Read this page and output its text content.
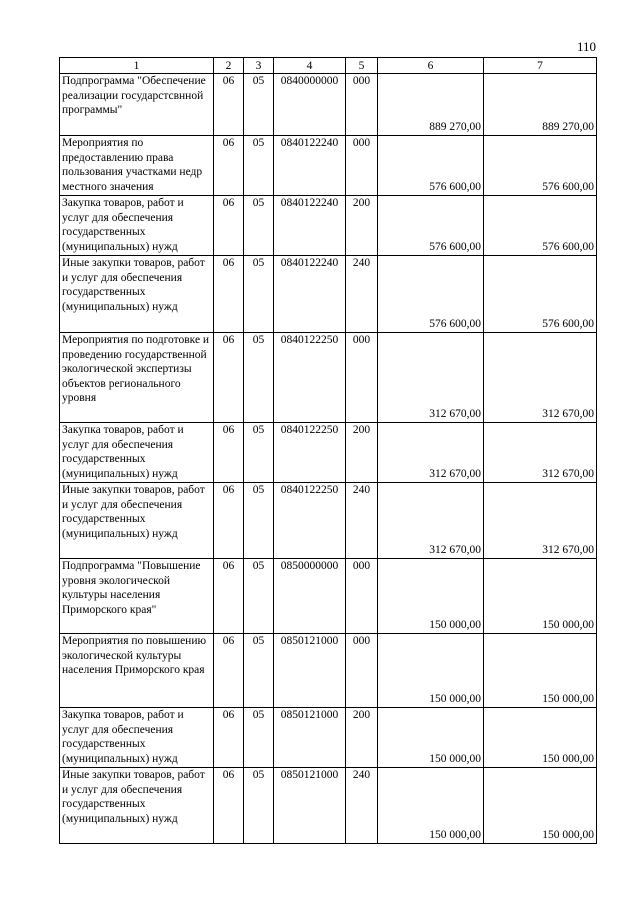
110
1	2	3	4	5	6	7
Подпрограмма "Обеспечение реализации государстсвнной программы"	06	05	0840000000	000	889 270,00	889 270,00
Мероприятия по предоставлению права пользования участками недр местного значения	06	05	0840122240	000	576 600,00	576 600,00
Закупка товаров, работ и услуг для обеспечения государственных (муниципальных) нужд	06	05	0840122240	200	576 600,00	576 600,00
Иные закупки товаров, работ и услуг для обеспечения государственных (муниципальных) нужд	06	05	0840122240	240	576 600,00	576 600,00
Мероприятия по подготовке и проведению государственной экологической экспертизы объектов регионального уровня	06	05	0840122250	000	312 670,00	312 670,00
Закупка товаров, работ и услуг для обеспечения государственных (муниципальных) нужд	06	05	0840122250	200	312 670,00	312 670,00
Иные закупки товаров, работ и услуг для обеспечения государственных (муниципальных) нужд	06	05	0840122250	240	312 670,00	312 670,00
Подпрограмма "Повышение уровня экологической культуры населения Приморского края"	06	05	0850000000	000	150 000,00	150 000,00
Мероприятия по повышению экологической культуры населения Приморского края	06	05	0850121000	000	150 000,00	150 000,00
Закупка товаров, работ и услуг для обеспечения государственных (муниципальных) нужд	06	05	0850121000	200	150 000,00	150 000,00
Иные закупки товаров, работ и услуг для обеспечения государственных (муниципальных) нужд	06	05	0850121000	240	150 000,00	150 000,00
